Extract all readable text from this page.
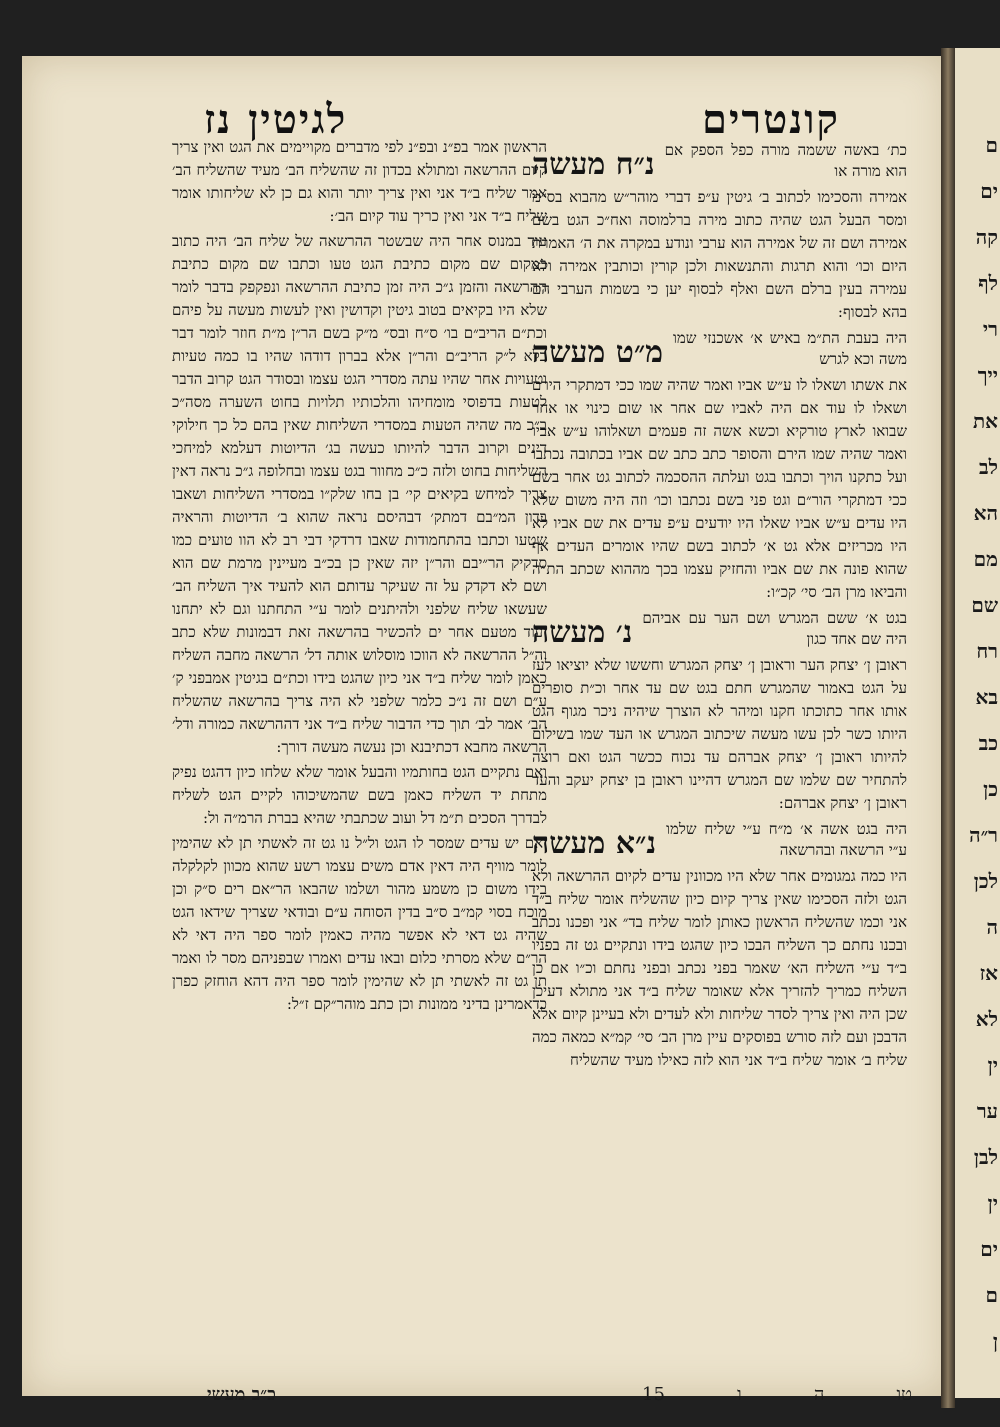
קונטרים
לגיטין נז
נ״ח מעשה כת׳ באשה ששמה מורה כפל הספק אם הוא מורה או

אמירה והסכימו לכתוב ב׳ גיטין ע״פ דברי מוהר״ש מהבוא בס״מ ומסר הבעל הגט שהיה כתוב מירה ברלמוסה ואח״כ הגט בשם אמירה ושם זה של אמירה הוא ערבי ונודע במקרה את ה׳ האמרת היום וכו׳ והוא תרגות והתנשאות ולכן קורין וכותבין אמירה ולא עמירה בעין ברלם השם ואלף לבסוף יען כי בשמות הערבי הם בהא לבסוף:

מ״ט מעשה היה בעבת הת״מ באיש א׳ אשכנזי שמו משה וכא לגרש

את אשתו ושאלו לו ע״ש אביו ואמר שהיה שמו ככי דמתקרי הירם ושאלו לו עוד אם היה לאביו שם אחר או שום כינוי או אחר שבואו לארץ טורקיא וכשא אשה זה פעמים ושאלוהו ע״ש אביו ואמר שהיה שמו הירם והסופר כתב כתב שם אביו בכתובה נכתבו ועל כתקנו הויך וכתבו בגט ועלתה ההסכמה לכתוב גט אחר בשם ככי דמתקרי הור״ם וגט פני בשם נכתבו וכו׳ וזה היה משום שלא היו עדים ע״ש אביו שאלו היו יודעים ע״פ עדים את שם אביו לא היו מכריזים אלא גט א׳ לכתוב בשם שהיו אומרים העדים אף שהוא פונה את שם אביו והחזיק עצמו בכך מההוא שכתב הת״ה והביאו מרן הב׳ סי׳ קכ״ו:

נ׳ מעשה בגט א׳ ששם המגרש ושם הער עם אביהם היה שם אחד כגון

ראובן ן׳ יצחק הער וראובן ן׳ יצחק המגרש וחששו שלא יוציאו לעז על הגט באמור שהמגרש חתם בגט שם עד אחר וכ״ת סופרים אותו אחר כתוכתו חקנו ומיהר לא הוצרך שיהיה ניכר מגוף הגט היותו כשר לכן עשו מעשה שיכתוב המגרש או העד שמו בשילום להיותו ראובן ן׳ יצחק אברהם עד נכוח ככשר הגט ואם רוצה להתחיר שם שלמו שם המגרש דהיינו ראובן בן יצחק יעקב והעד ראובן ן׳ יצחק אברהם:

נ״א מעשה היה בגט אשה א׳ מ״ח ע״י שליח שלמו ע״י הרשאה ובהרשאה

היו כמה גמגומים אחר שלא היו מכוונין עדים לקיום ההרשאה ולא הגט ולזה הסכימו שאין צריך קיום כיון שהשליח אומר שליח ב״ד אני וכמו שהשליח הראשון כאותן לומר שליח בד״ אני ופכנו נכתב ובכנו נחתם כך השליח הבכו כיון שהגט בידו ונתקיים גט זה בפניו ב״ד ע״י השליח הא׳ שאמר בפני נכתב ובפני נחתם וכ״ו אם כן השליח כמריך להזריך אלא שאומר שליח ב״ד אני מתולא דעיכן שכן היה ואין צריך לסדר שליחות ולא לעדים ולא בעיינן קיום אלא הדבכן ועם לזה סורש בפוסקים עיין מרן הב׳ סי׳ קמ״א כמאה כמה שליח ב׳ אומר שליח ב״ד אני הוא לזה כאילו מעיד שהשליח

הראשון אמר בפ״נ ובפ״נ לפי מדברים מקויימים את הגט ואין צריך קיום ההרשאה ומתולא בכדון זה שהשליח הב׳ מעיד שהשליח הב׳ אמר שליח ב״ד אני ואין צריך יותר והוא גם כן לא שליחותו אומר שליח ב״ד אני ואין כריך עוד קיום הב׳:

עוד במנוס אחר היה שבשטר ההרשאה של שליח הב׳ היה כתוב במקום שם מקום כתיבת הגט טעו וכתבו שם מקום כתיבת ההרשאה והזמן ג״כ היה זמן כתיבת ההרשאה ונפקפק בדבר לומר שלא היו בקיאים בטוב גיטין וקדושין ואין לעשות מעשה על פיהם וכת״ם הריב״ם בו׳ ס״ח ובס״ מ״ק בשם הר״ן מ״ת חוזר לומר דבר כלא ל״ק הריב״ם והר״ן אלא בברון דודהו שהיו בו כמה טעיות וטעויות אחר שהיו עתה מסדרי הגט עצמו ובסודר הגט קרוב הדבר לטעות בדפוסי מומחיהו והלכותיו תלויות בחוט השערה מסה״כ ב״כ מה שהיה הטעות במסדרי השליחות שאין בהם כל כך חילוקי דינים וקרוב הדבר להיותו כעשה בג׳ הדיוטות דעלמא למיחכי השליחות בחוט ולזה כ״כ מחוור בגט עצמו ובחלופה ג״כ נראה דאין צריך למיחש בקיאים קי׳ בן בחו שלק״ו במסדרי השליחות ושאבו בדון המ״בם דמתק׳ דבהיסם נראה שהוא ב׳ הדיוטות והראיה שטעו וכתבו בהתחמודות שאבו דרדקי דבי רב לא הוו טועים כמו סדקיק הר״יבם והר״ן יזה שאין כן בכ״ב מעיינין מרמת שם הוא ושם לא דקדק על זה שעיקר עדותם הוא להעיד איך השליח הב׳ שעשאו שליח שלפני ולהיתנים לומר ע״י התחתנו וגם לא יתחנו ועוד מטעם אחר ים להכשיר בהרשאה זאת דבמונות שלא כתב וה״ל ההרשאה לא הווכו מוסלוש אותה דל׳ הרשאה מחבה השליח כאמן לומר שליח ב״ד אני כיון שהגט בידו וכת״ם בגיטין אמבפני ק׳ ע״ם ושם זה נ״כ כלמר שלפני לא היה צריך בהרשאה שהשליח הב׳ אמר לב׳ תוך כדי הדבור שליח ב״ד אני דההרשאה כמורה ודל׳ הרשאה מחבא דכתיבנא וכן נעשה מעשה דורך:

ואם נתקיים הגט בחותמיו והבעל אומר שלא שלחו כיון דהגט נפיק מתחת יד השליח כאמן בשם שהמשיכוהו לקיים הגט לשליח לבדרך הסכים ת״מ דל ועוב שכתבתי שהיא בברת הרמ״ה ול:

ואם יש עדים שמסר לו הגט ול״ל נו גט זה לאשתי תן לא שהימין לומר מוויף היה דאין אדם משים עצמו רשע שהוא מכוון לקלקלה בידו משום כן משמע מהור ושלמו שהבאו הר״אם רים ס״ק וכן מוכח בסוי קמ״ב ס״ב בדין הסוחה ע״ם ובודאי שצריך שידאו הגט שהיה גט דאי לא אפשר מהיה כאמין לומר ספר היה דאי לא הר״ם שלא מסרתי כלום ובאו עדים ואמרו שבפניהם מסר לו ואמר תן גט זה לאשתי תן לא שהימין לומר ספר היה דהא הוחזק כפרן כדאמרינן בדיני ממונות וכן כתב מוהר״קם ז״ל:

כ״ב מעשי	טו
ה
ו
15
ם
ים
קה
לף
רי
ייך
את
לב
הא
מם
שם
רח
בא
כב
כן
ר״ה
לכן
ה
אז
לא
ין
ער
לבן
ין
ים
ם
ן
